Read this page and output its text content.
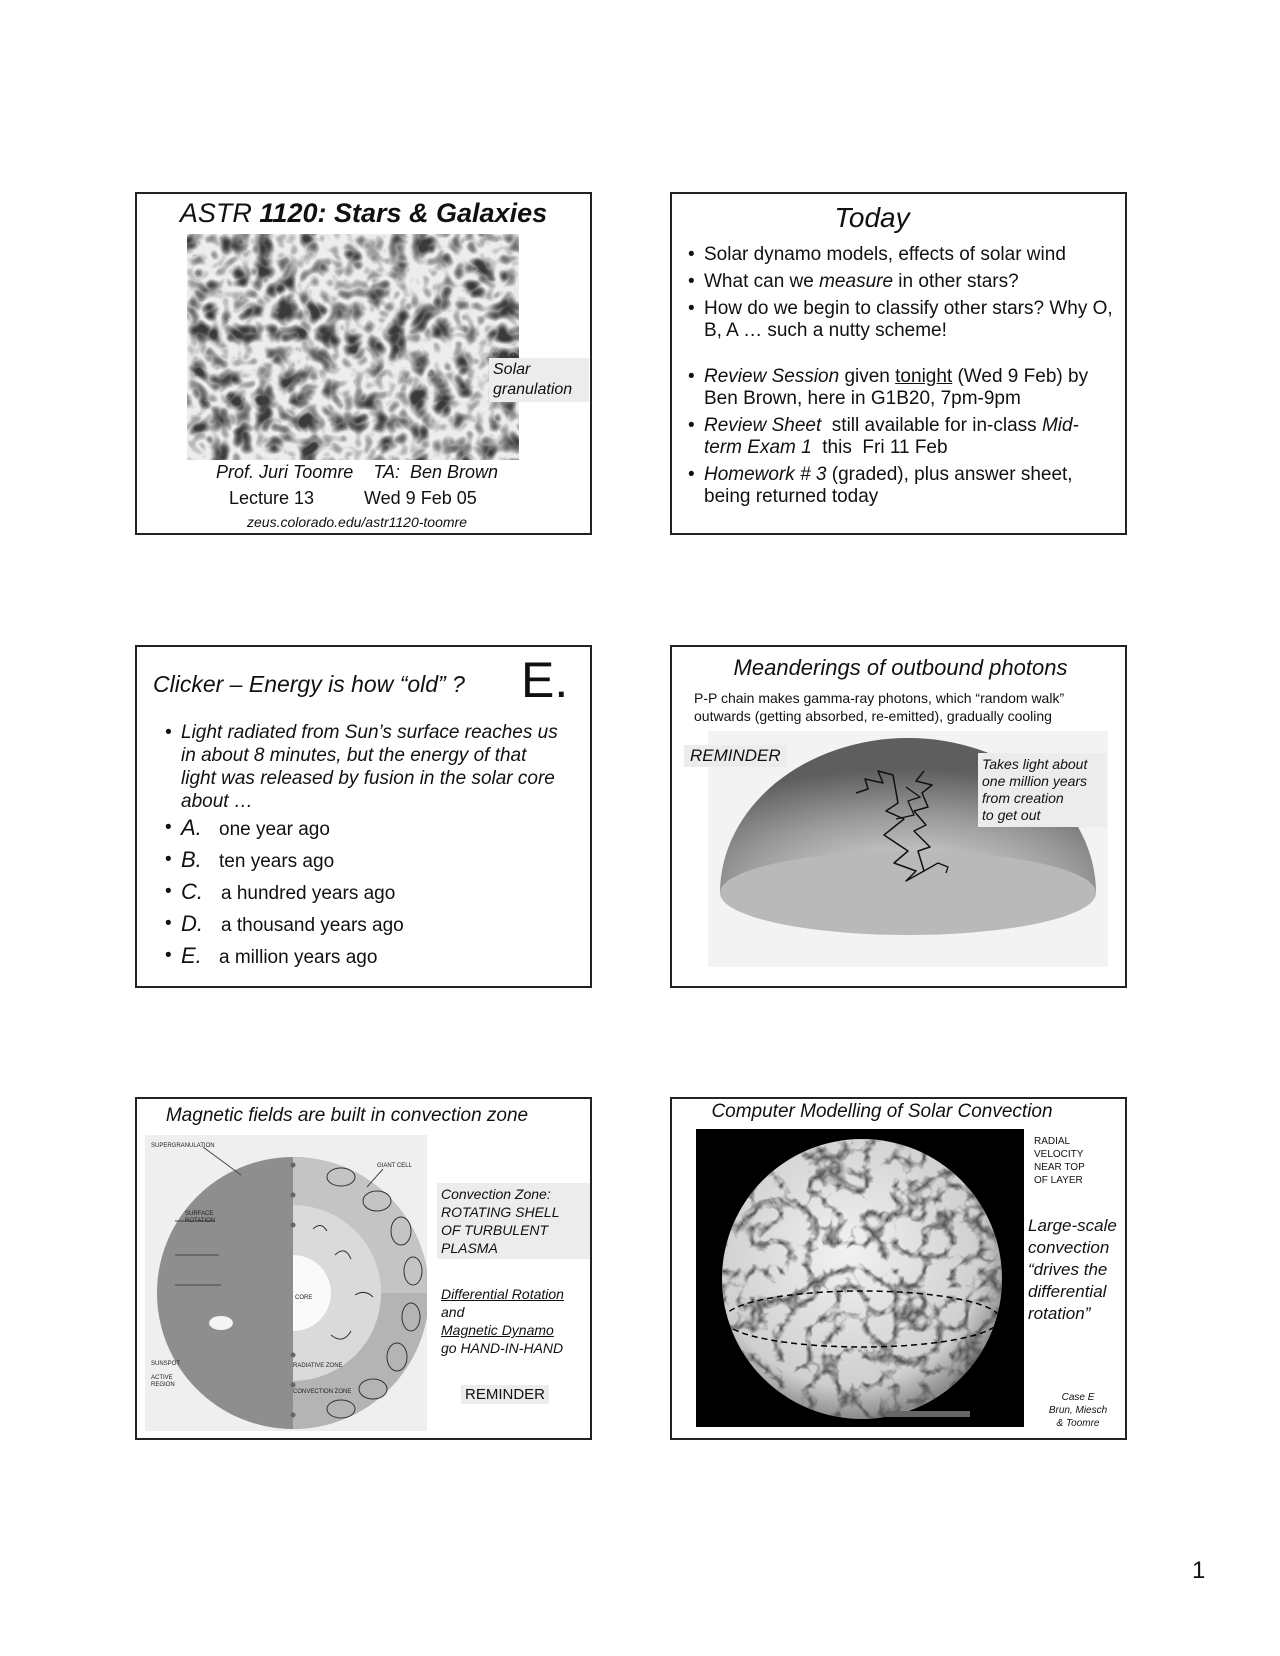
ASTR 1120: Stars & Galaxies
Solar
granulation
Prof. Juri Toomre    TA:  Ben Brown
Lecture 13	Wed 9 Feb 05
zeus.colorado.edu/astr1120-toomre
Today
• Solar dynamo models, effects of solar wind
• What can we measure in other stars?
• How do we begin to classify other stars? Why O, B, A … such a nutty scheme!
• Review Session given tonight (Wed 9 Feb) by Ben Brown, here in G1B20, 7pm-9pm
• Review Sheet  still available for in-class Mid-term Exam 1  this  Fri 11 Feb
• Homework # 3 (graded), plus answer sheet, being returned today
Clicker – Energy is how “old” ? E.
• Light radiated from Sun’s surface reaches us in about 8 minutes, but the energy of that light was released by fusion in the solar core about …
• A. one year ago
• B. ten years ago
• C. a hundred years ago
• D. a thousand years ago
• E. a million years ago
Meanderings of outbound photons
P-P chain makes gamma-ray photons, which “random walk” outwards (getting absorbed, re-emitted), gradually cooling
REMINDER	Takes light about
one million years
from creation
to get out
Magnetic fields are built in convection zone
SUPERGRANULATION
GIANT CELL
SURFACE
ROTATION
CORE
RADIATIVE ZONE
SUNSPOT
ACTIVE
REGION
CONVECTION ZONE
Convection Zone:
ROTATING SHELL
OF TURBULENT
PLASMA
Differential Rotation
and
Magnetic Dynamo
go HAND-IN-HAND
REMINDER
Computer Modelling of Solar Convection
RADIAL
VELOCITY
NEAR TOP
OF LAYER
Large-scale
convection
“drives the
differential
rotation”
Case E
Brun, Miesch
& Toomre
1
